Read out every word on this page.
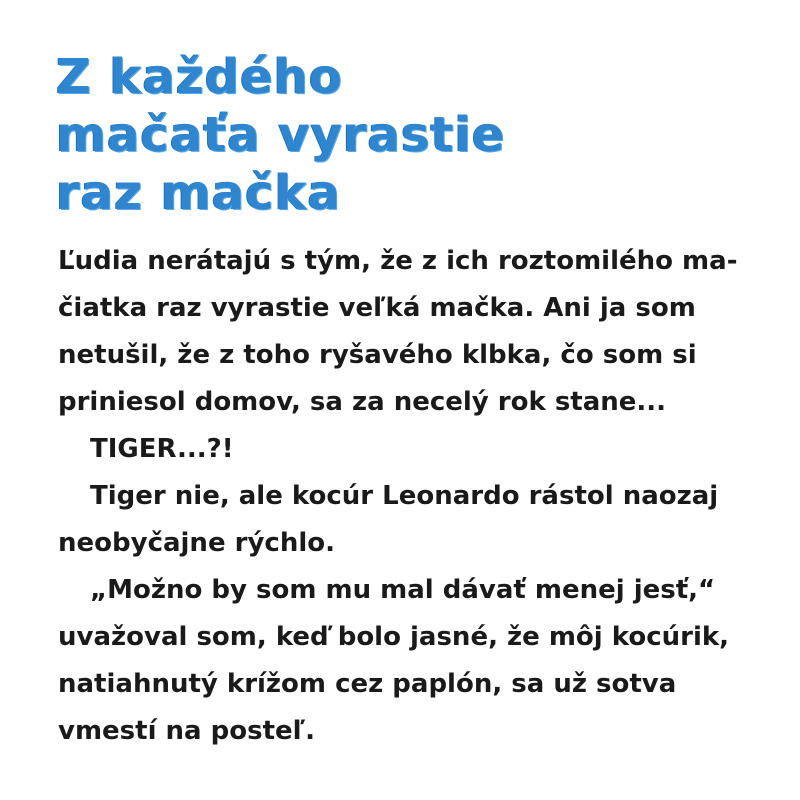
Z každého
mačaťa vyrastie
raz mačka
Ľudia nerátajú s tým, že z ich roztomilého ma-
čiatka raz vyrastie veľká mačka. Ani ja som
netušil, že z toho ryšavého klbka, čo som si
priniesol domov, sa za necelý rok stane...
TIGER...?!
Tiger nie, ale kocúr Leonardo rástol naozaj
neobyčajne rýchlo.
„Možno by som mu mal dávať menej jesť,“
uvažoval som, keď bolo jasné, že môj kocúrik,
natiahnutý krížom cez paplón, sa už sotva
vmestí na posteľ.
